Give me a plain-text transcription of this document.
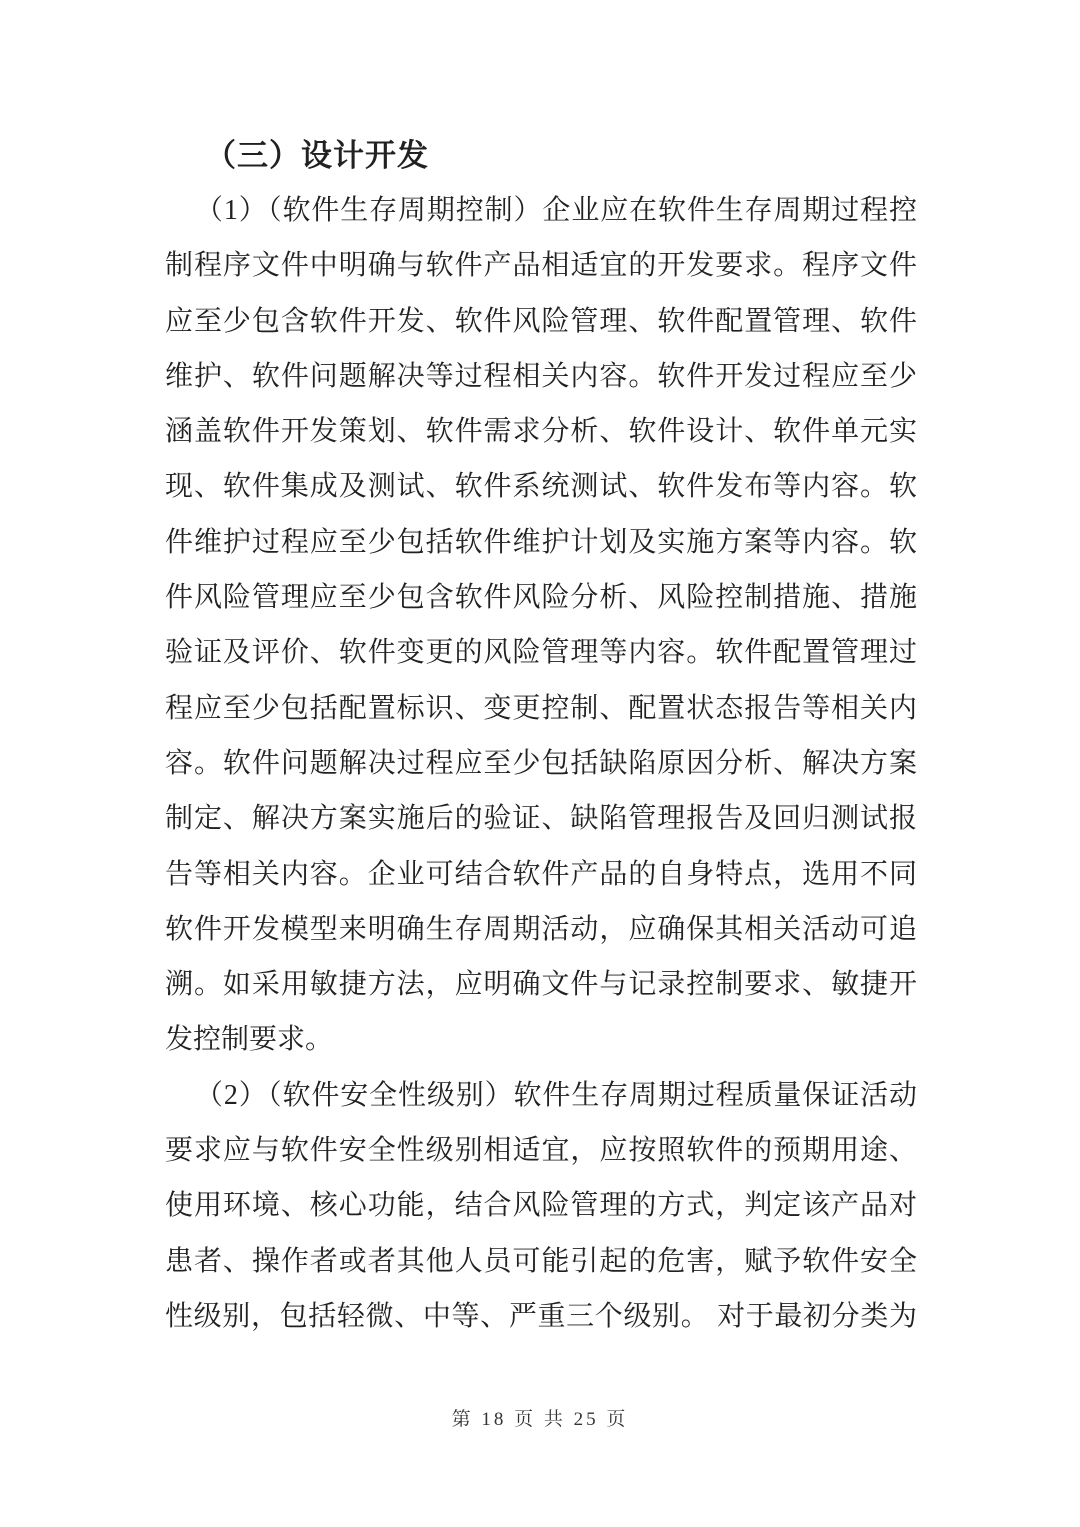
（三）设计开发
（1）（软件生存周期控制）企业应在软件生存周期过程控
制程序文件中明确与软件产品相适宜的开发要求。程序文件
应至少包含软件开发、软件风险管理、软件配置管理、软件
维护、软件问题解决等过程相关内容。软件开发过程应至少
涵盖软件开发策划、软件需求分析、软件设计、软件单元实
现、软件集成及测试、软件系统测试、软件发布等内容。软
件维护过程应至少包括软件维护计划及实施方案等内容。软
件风险管理应至少包含软件风险分析、风险控制措施、措施
验证及评价、软件变更的风险管理等内容。软件配置管理过
程应至少包括配置标识、变更控制、配置状态报告等相关内
容。软件问题解决过程应至少包括缺陷原因分析、解决方案
制定、解决方案实施后的验证、缺陷管理报告及回归测试报
告等相关内容。企业可结合软件产品的自身特点，选用不同
软件开发模型来明确生存周期活动，应确保其相关活动可追
溯。如采用敏捷方法，应明确文件与记录控制要求、敏捷开
发控制要求。
（2）（软件安全性级别）软件生存周期过程质量保证活动
要求应与软件安全性级别相适宜，应按照软件的预期用途、
使用环境、核心功能，结合风险管理的方式，判定该产品对
患者、操作者或者其他人员可能引起的危害，赋予软件安全
性级别，包括轻微、中等、严重三个级别。 对于最初分类为
第 18 页 共 25 页
